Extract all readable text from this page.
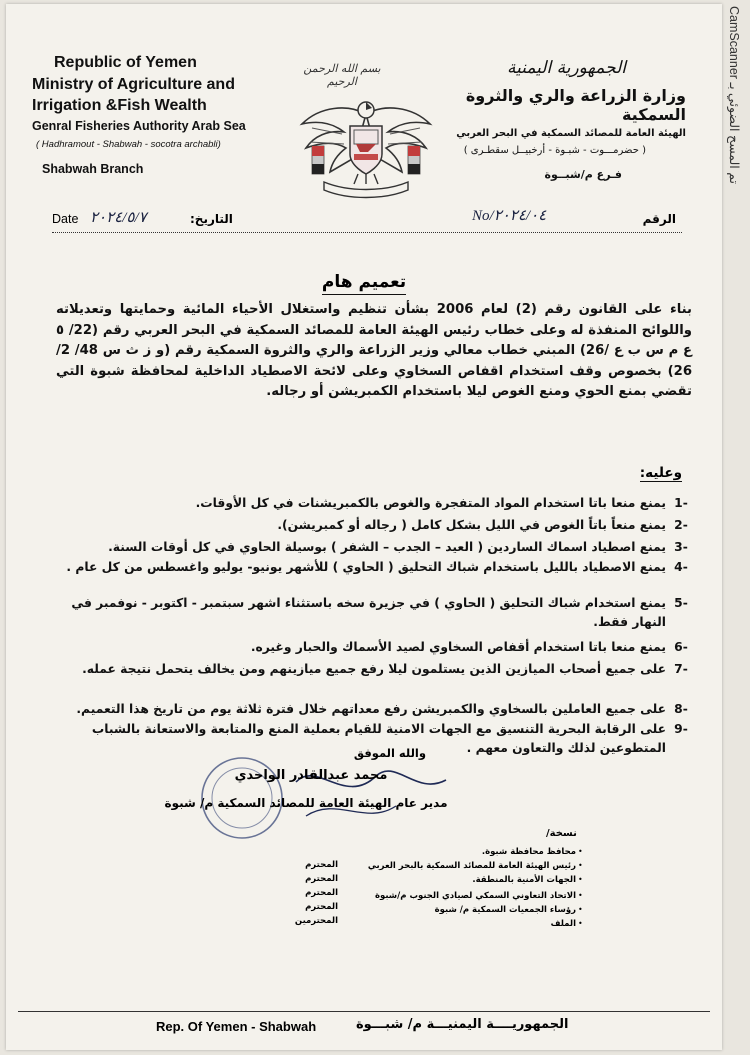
Republic of Yemen
Ministry of Agriculture and
Irrigation &Fish Wealth
Genral Fisheries Authority Arab Sea
( Hadhramout - Shabwah - socotra archabli)
Shabwah Branch
بسم الله الرحمن الرحيم
الجمهورية اليمنية
وزارة الزراعة والري والثروة السمكية
الهيئة العامة للمصائد السمكية في البحر العربي
( حضرمـــوت - شبـوة - أرخبيــل سقطـرى )
فـرع م/شبــوة
Date ٢٠٢٤/٥/٧	التاريخ:	No/٢٠٢٤/٠٤	الرقم
تعميم هام
بناء على القانون رقم (2) لعام 2006 بشأن تنظيم واستغلال الأحياء المائية وحمايتها وتعديلاته واللوائح المنفذة له وعلى خطاب رئيس الهيئة العامة للمصائد السمكية في البحر العربي رقم (22/ ٥ ع م س ب ع /26) المبني خطاب معالي وزير الزراعة والري والثروة السمكية رقم (و ز ث س 48/ 2/ 26) بخصوص وقف استخدام اقفاص السخاوي وعلى لائحة الاصطياد الداخلية لمحافظة شبوة التي تقضي بمنع الحوي ومنع الغوص ليلا باستخدام الكمبريشن أو رجاله.
وعليه:
1-
يمنع منعا باتا استخدام المواد المتفجرة والغوص بالكمبريشنات في كل الأوقات.
2-
يمنع منعاً باتاً الغوص في الليل بشكل كامل ( رجاله أو كمبريشن).
3-
يمنع اصطياد اسماك الساردين ( العيد – الجدب – الشفر ) بوسيلة الحاوي في كل أوقات السنة.
4-
يمنع الاصطياد بالليل باستخدام شباك التحليق ( الحاوي ) للأشهر يونيو- يوليو واغسطس من كل عام .
5-
يمنع استخدام شباك التحليق ( الحاوي ) في جزيرة سخه باستثناء اشهر سبتمبر - اكتوبر - نوفمبر في النهار فقط.
6-
يمنع منعا باتا استخدام أقفاص السخاوي لصيد الأسماك والحبار وغيره.
7-
على جميع أصحاب الميازين الذين يستلمون ليلا رفع جميع ميازينهم ومن يخالف يتحمل نتيجة عمله.
8-
على جميع العاملين بالسخاوي والكمبريشن رفع معداتهم خلال فترة ثلاثة يوم من تاريخ هذا التعميم.
9-
على الرقابة البحرية التنسيق مع الجهات الامنية للقيام بعملية المنع والمتابعة والاستعانة بالشباب المتطوعين لذلك والتعاون معهم .
والله الموفق
محمد عبدالقادر الواحدي
مدير عام الهيئة العامة للمصائد السمكية م/ شبوة
نسخة/
محافظ محافظة شبوة.
رئيس الهيئة العامة للمصائد السمكية بالبحر العربي
الجهات الأمنية بالمنطقة.
الاتحاد التعاوني السمكي لصيادي الجنوب م/شبوة
رؤساء الجمعيات السمكية م/ شبوة
الملف
•
•
•
•
•
•
المحترم
المحترم
المحترم
المحترم
المحترمين
Rep. Of Yemen - Shabwah	الجمهوريــــة اليمنيـــة م/ شبـــوة
CamScanner تم المسح الضوئي بـ
